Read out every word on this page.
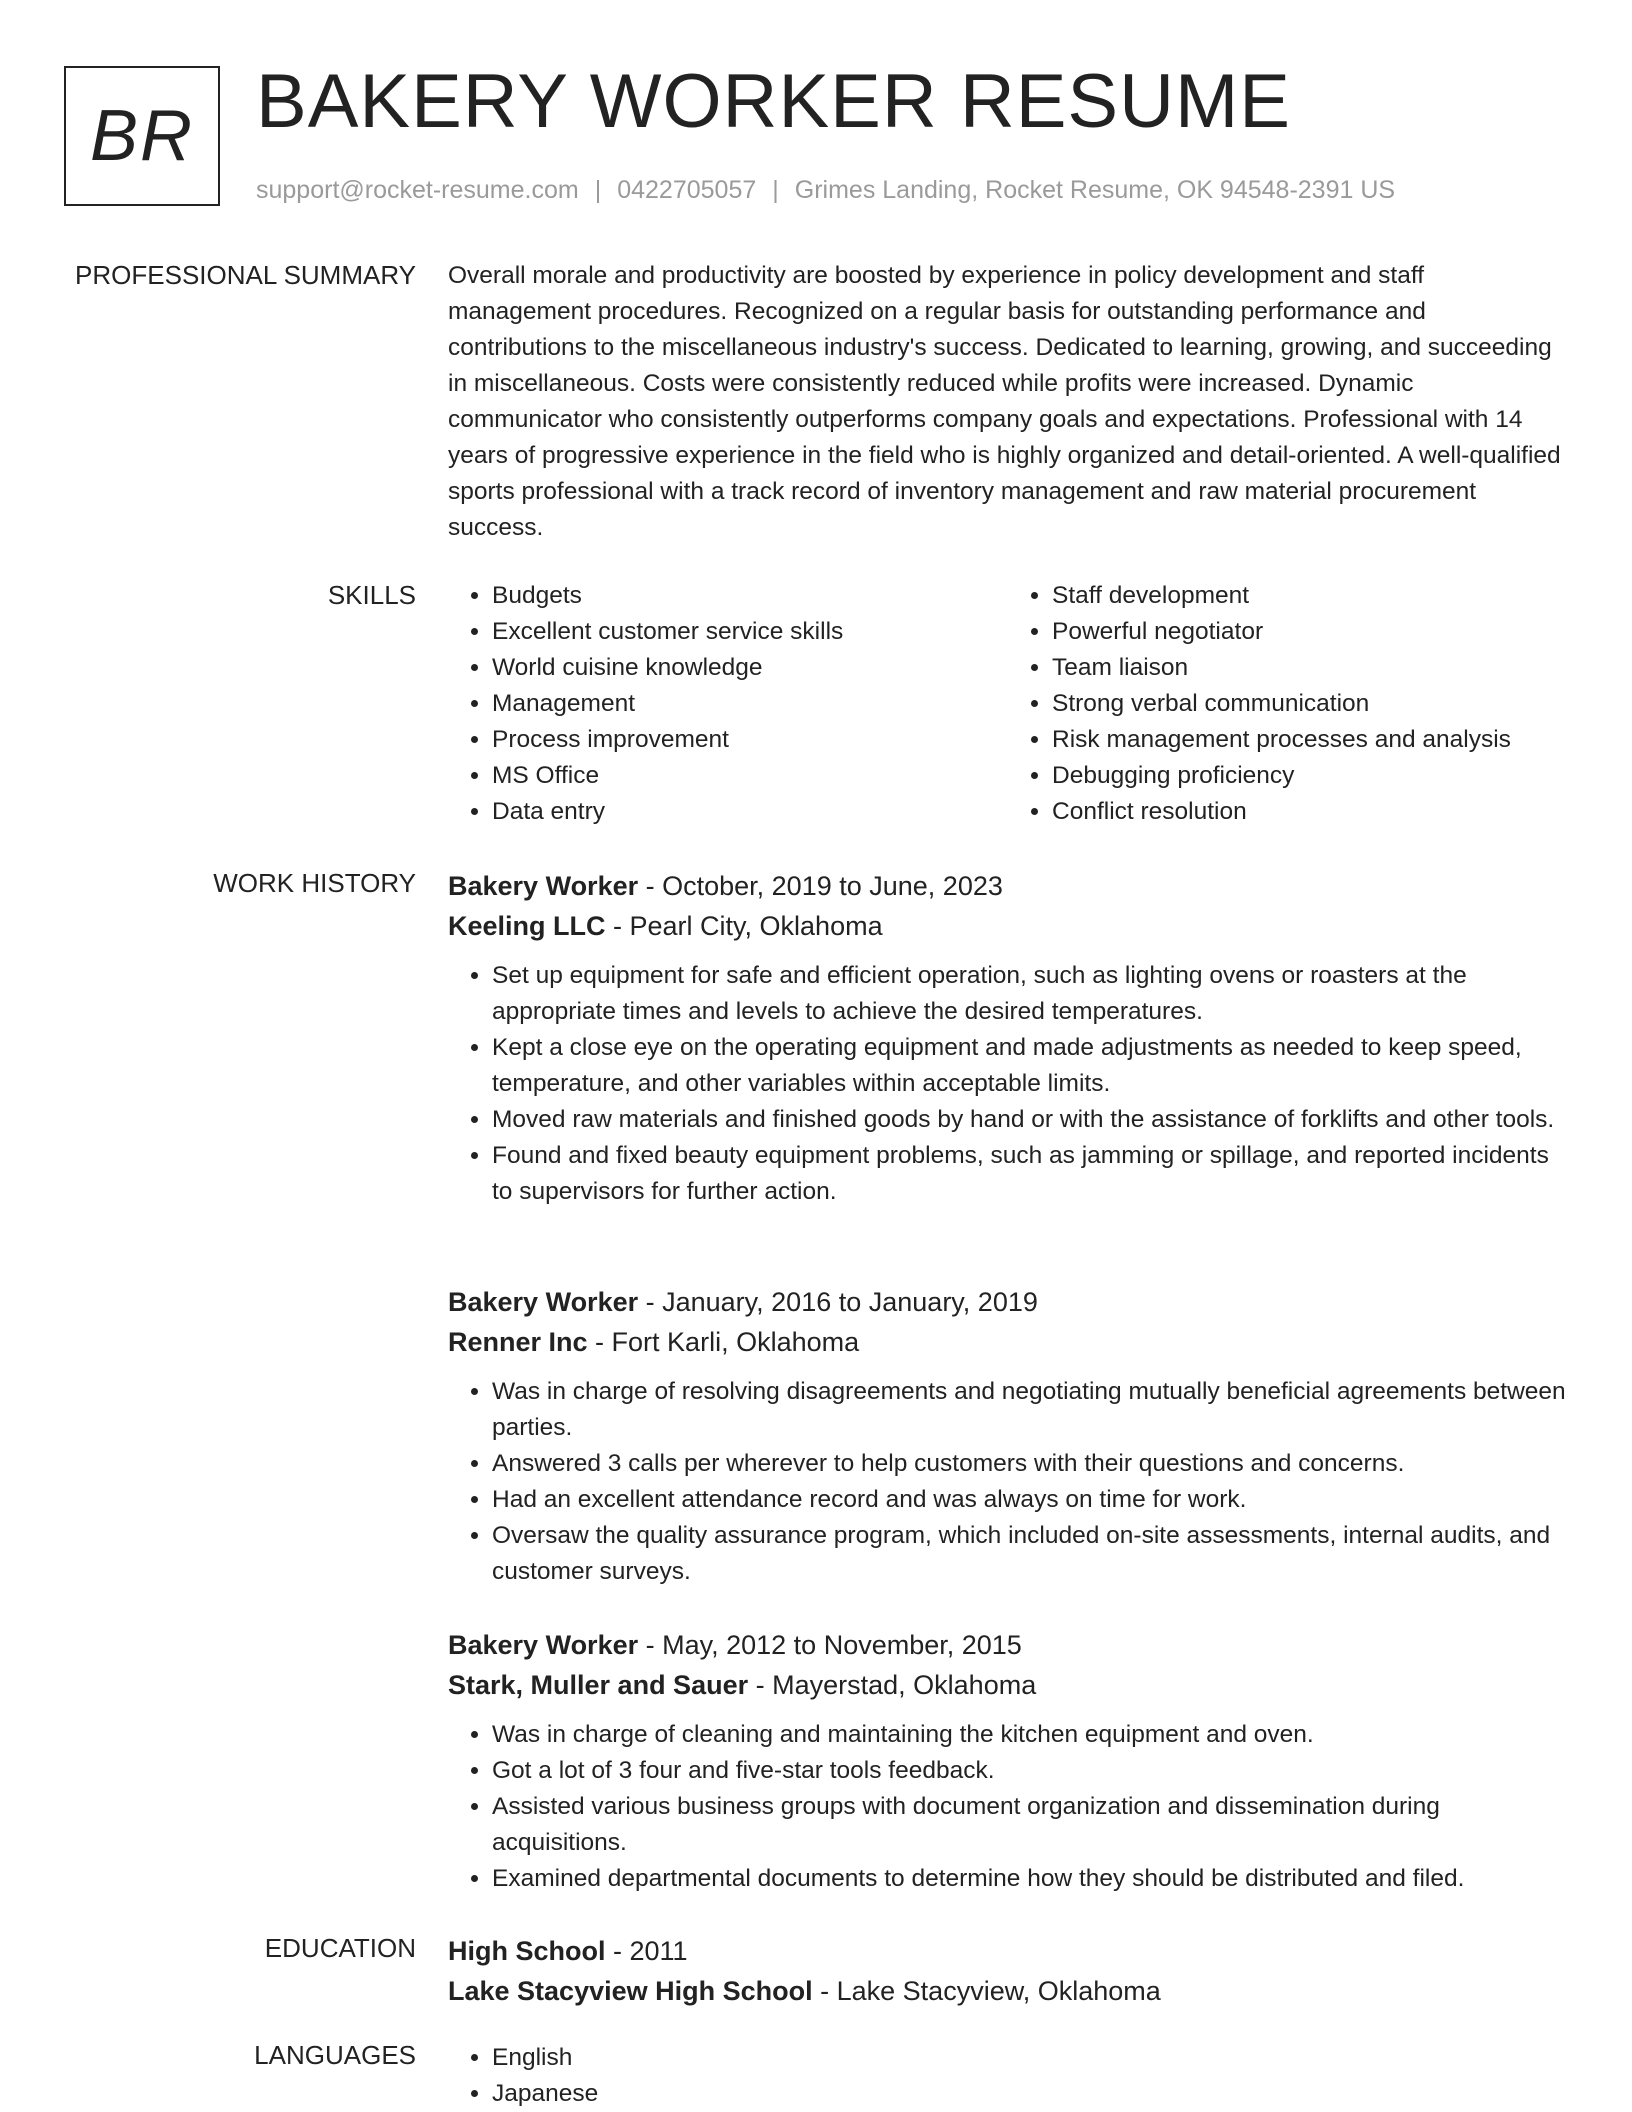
BR BAKERY WORKER RESUME
support@rocket-resume.com | 0422705057 | Grimes Landing, Rocket Resume, OK 94548-2391 US
PROFESSIONAL SUMMARY Overall morale and productivity are boosted by experience in policy development and staff management procedures. Recognized on a regular basis for outstanding performance and contributions to the miscellaneous industry's success. Dedicated to learning, growing, and succeeding in miscellaneous. Costs were consistently reduced while profits were increased. Dynamic communicator who consistently outperforms company goals and expectations. Professional with 14 years of progressive experience in the field who is highly organized and detail-oriented. A well-qualified sports professional with a track record of inventory management and raw material procurement success.

SKILLS	• Budgets
• Excellent customer service skills
• World cuisine knowledge
• Management
• Process improvement
• MS Office
• Data entry
• Staff development
• Powerful negotiator
• Team liaison
• Strong verbal communication
• Risk management processes and analysis
• Debugging proficiency
• Conflict resolution
WORK HISTORY Bakery Worker - October, 2019 to June, 2023
Keeling LLC - Pearl City, Oklahoma
• Set up equipment for safe and efficient operation, such as lighting ovens or roasters at the appropriate times and levels to achieve the desired temperatures.
• Kept a close eye on the operating equipment and made adjustments as needed to keep speed, temperature, and other variables within acceptable limits.
• Moved raw materials and finished goods by hand or with the assistance of forklifts and other tools.
• Found and fixed beauty equipment problems, such as jamming or spillage, and reported incidents to supervisors for further action.
Bakery Worker - January, 2016 to January, 2019
Renner Inc - Fort Karli, Oklahoma
• Was in charge of resolving disagreements and negotiating mutually beneficial agreements between parties.
• Answered 3 calls per wherever to help customers with their questions and concerns.
• Had an excellent attendance record and was always on time for work.
• Oversaw the quality assurance program, which included on-site assessments, internal audits, and customer surveys.
Bakery Worker - May, 2012 to November, 2015
Stark, Muller and Sauer - Mayerstad, Oklahoma
• Was in charge of cleaning and maintaining the kitchen equipment and oven.
• Got a lot of 3 four and five-star tools feedback.
• Assisted various business groups with document organization and dissemination during acquisitions.
• Examined departmental documents to determine how they should be distributed and filed.
EDUCATION High School - 2011
Lake Stacyview High School - Lake Stacyview, Oklahoma
LANGUAGES	• English
• Japanese
